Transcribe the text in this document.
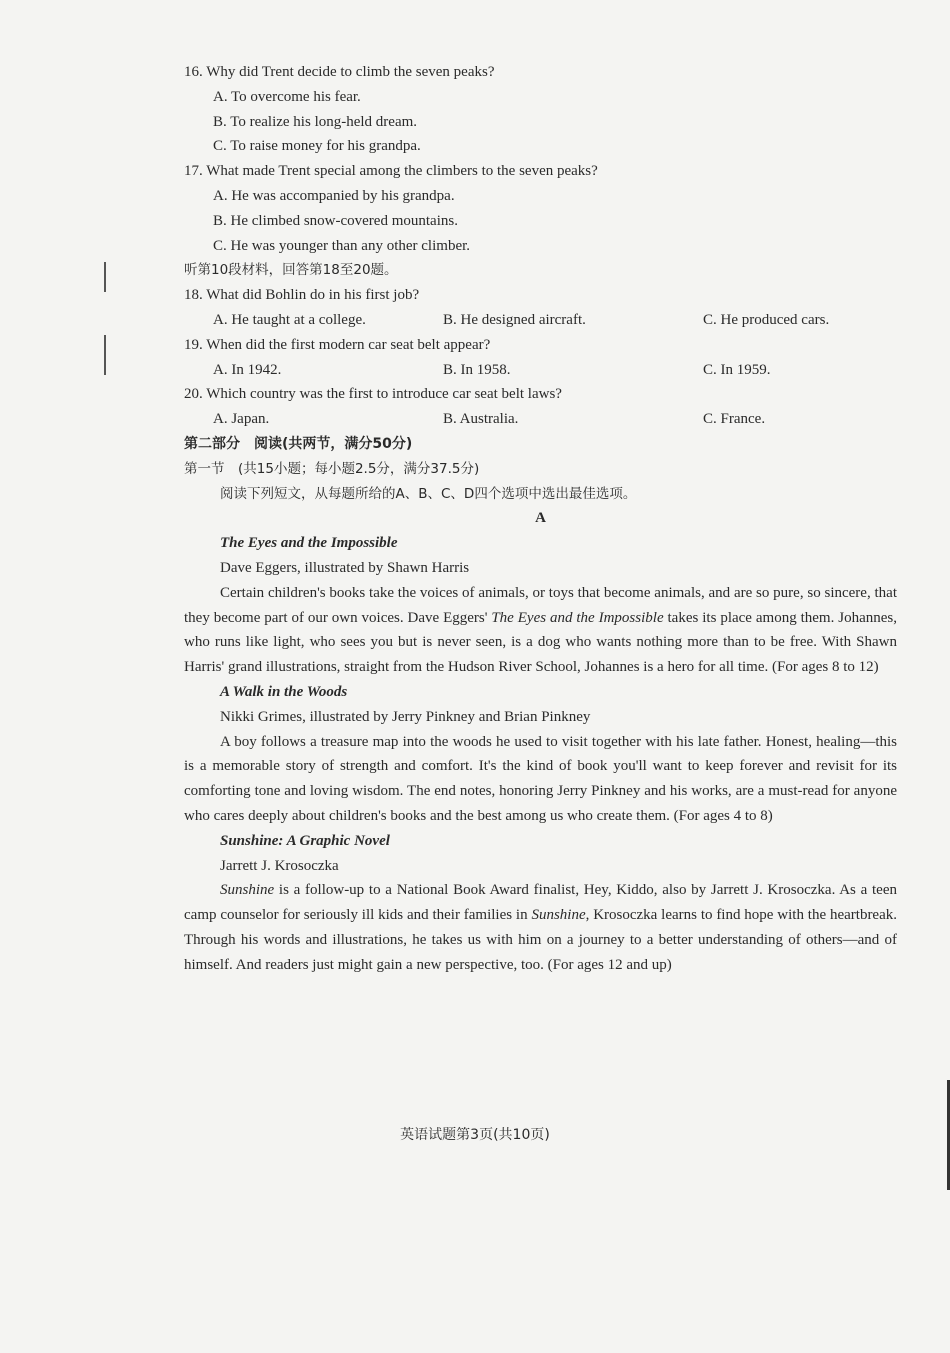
16. Why did Trent decide to climb the seven peaks?
A. To overcome his fear.
B. To realize his long-held dream.
C. To raise money for his grandpa.
17. What made Trent special among the climbers to the seven peaks?
A. He was accompanied by his grandpa.
B. He climbed snow-covered mountains.
C. He was younger than any other climber.
听第10段材料，回答第18至20题。
18. What did Bohlin do in his first job?
A. He taught at a college.	B. He designed aircraft.	C. He produced cars.
19. When did the first modern car seat belt appear?
A. In 1942.	B. In 1958.	C. In 1959.
20. Which country was the first to introduce car seat belt laws?
A. Japan.	B. Australia.	C. France.
第二部分　阅读(共两节，满分50分)
第一节　(共15小题；每小题2.5分，满分37.5分)
阅读下列短文，从每题所给的A、B、C、D四个选项中选出最佳选项。
A
The Eyes and the Impossible
Dave Eggers, illustrated by Shawn Harris
Certain children's books take the voices of animals, or toys that become animals, and are so pure, so sincere, that they become part of our own voices. Dave Eggers' The Eyes and the Impossible takes its place among them. Johannes, who runs like light, who sees you but is never seen, is a dog who wants nothing more than to be free. With Shawn Harris' grand illustrations, straight from the Hudson River School, Johannes is a hero for all time. (For ages 8 to 12)
A Walk in the Woods
Nikki Grimes, illustrated by Jerry Pinkney and Brian Pinkney
A boy follows a treasure map into the woods he used to visit together with his late father. Honest, healing—this is a memorable story of strength and comfort. It's the kind of book you'll want to keep forever and revisit for its comforting tone and loving wisdom. The end notes, honoring Jerry Pinkney and his works, are a must-read for anyone who cares deeply about children's books and the best among us who create them. (For ages 4 to 8)
Sunshine: A Graphic Novel
Jarrett J. Krosoczka
Sunshine is a follow-up to a National Book Award finalist, Hey, Kiddo, also by Jarrett J. Krosoczka. As a teen camp counselor for seriously ill kids and their families in Sunshine, Krosoczka learns to find hope with the heartbreak. Through his words and illustrations, he takes us with him on a journey to a better understanding of others—and of himself. And readers just might gain a new perspective, too. (For ages 12 and up)
英语试题第3页(共10页)
